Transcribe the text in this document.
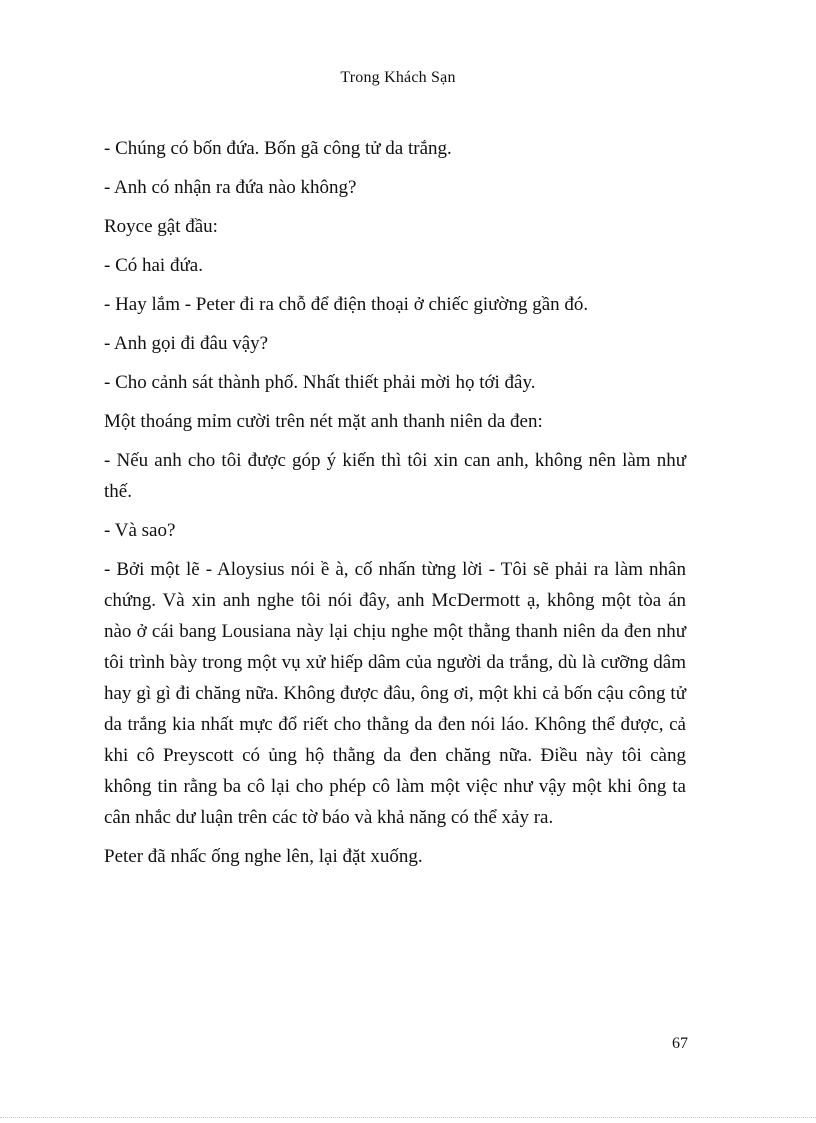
Trong Khách Sạn

- Chúng có bốn đứa. Bốn gã công tử da trắng.

- Anh có nhận ra đứa nào không?

Royce gật đầu:

- Có hai đứa.

- Hay lắm - Peter đi ra chỗ để điện thoại ở chiếc giường gần đó.

- Anh gọi đi đâu vậy?

- Cho cảnh sát thành phố. Nhất thiết phải mời họ tới đây.

Một thoáng mỉm cười trên nét mặt anh thanh niên da đen:

- Nếu anh cho tôi được góp ý kiến thì tôi xin can anh, không nên làm như thế.

- Và sao?

- Bởi một lẽ - Aloysius nói ề à, cố nhấn từng lời - Tôi sẽ phải ra làm nhân chứng. Và xin anh nghe tôi nói đây, anh McDermott ạ, không một tòa án nào ở cái bang Lousiana này lại chịu nghe một thằng thanh niên da đen như tôi trình bày trong một vụ xử hiếp dâm của người da trắng, dù là cưỡng dâm hay gì gì đi chăng nữa. Không được đâu, ông ơi, một khi cả bốn cậu công tử da trắng kia nhất mực đổ riết cho thằng da đen nói láo. Không thể được, cả khi cô Preyscott có ủng hộ thằng da đen chăng nữa. Điều này tôi càng không tin rằng ba cô lại cho phép cô làm một việc như vậy một khi ông ta cân nhắc dư luận trên các tờ báo và khả năng có thể xảy ra.

Peter đã nhấc ống nghe lên, lại đặt xuống.

67
